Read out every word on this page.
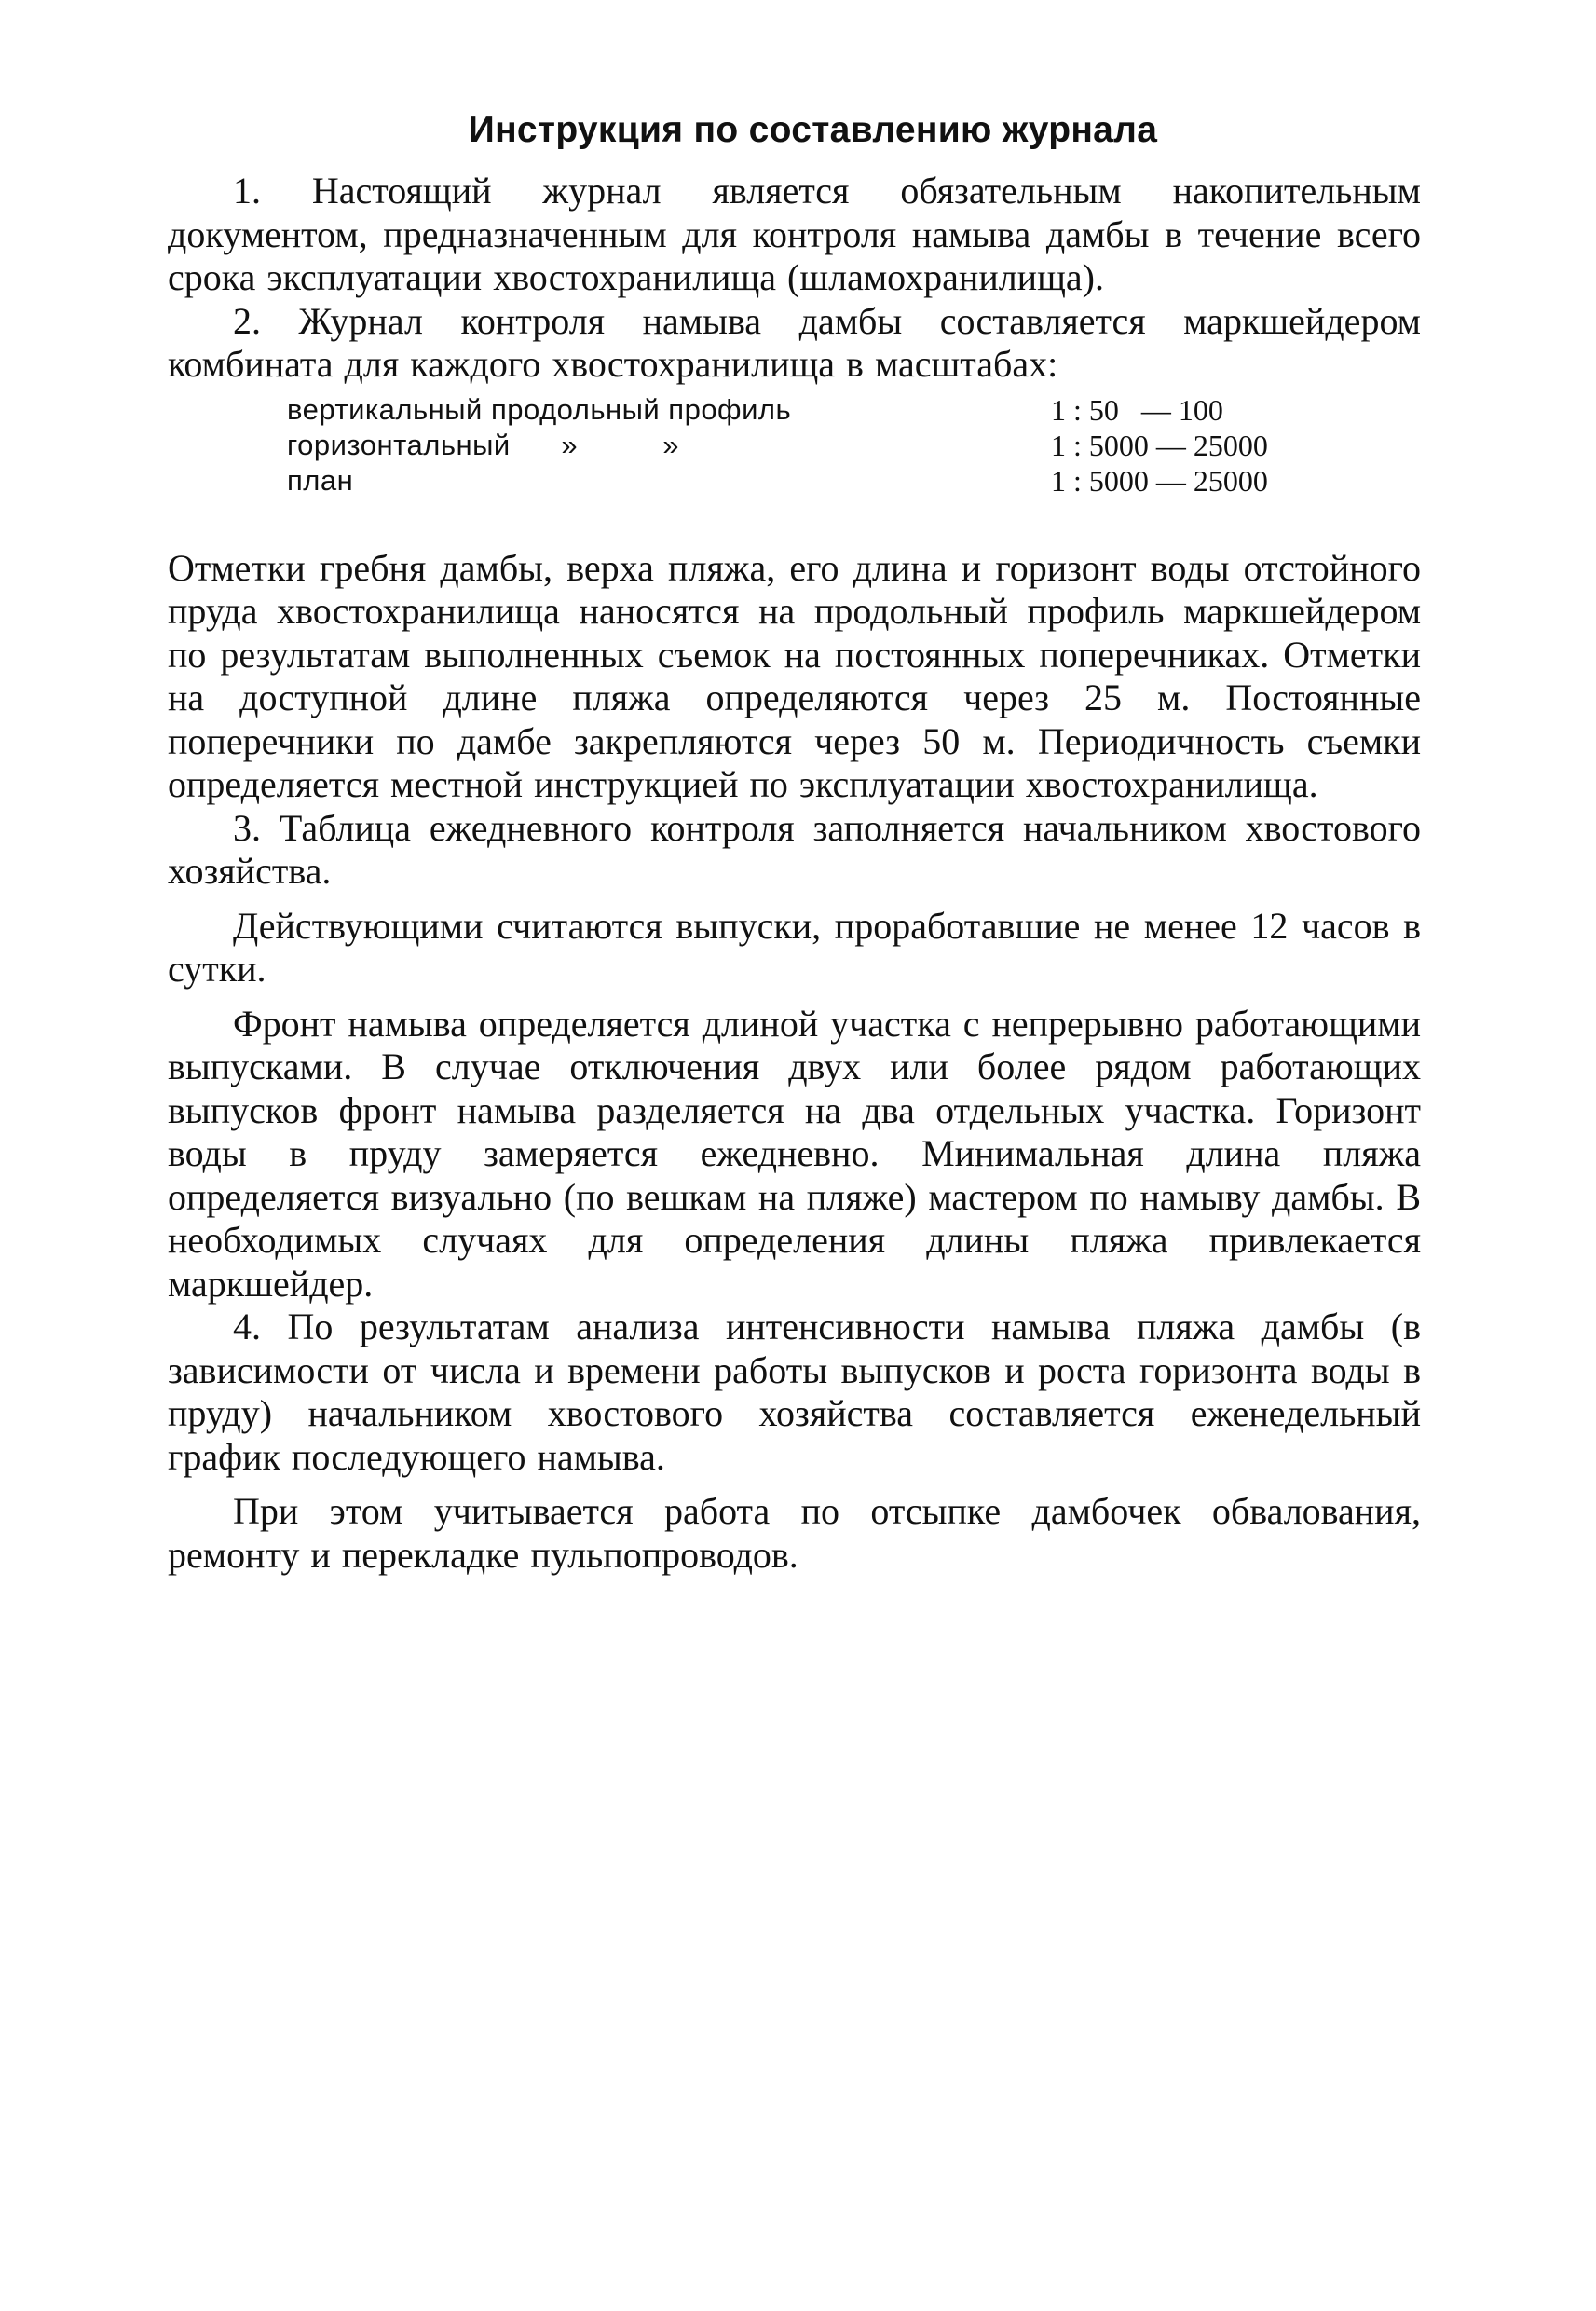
Инструкция по составлению журнала

1. Настоящий журнал является обязательным накопительным документом, предназначенным для контроля намыва дамбы в течение всего срока эксплуатации хвостохранилища (шламохранилища).

2. Журнал контроля намыва дамбы составляется маркшейдером комбината для каждого хвостохранилища в масштабах:

вертикальный продольный профиль	1 : 50   — 100
горизонтальный      »          »	1 : 5000 — 25000
план	1 : 5000 — 25000

Отметки гребня дамбы, верха пляжа, его длина и горизонт воды отстойного пруда хвостохранилища наносятся на продольный профиль маркшейдером по результатам выполненных съемок на постоянных поперечниках. Отметки на доступной длине пляжа определяются через 25 м. Постоянные поперечники по дамбе закрепляются через 50 м. Периодичность съемки определяется местной инструкцией по эксплуатации хвостохранилища.

3. Таблица ежедневного контроля заполняется начальником хвостового хозяйства.

Действующими считаются выпуски, проработавшие не менее 12 часов в сутки.

Фронт намыва определяется длиной участка с непрерывно работающими выпусками. В случае отключения двух или более рядом работающих выпусков фронт намыва разделяется на два отдельных участка. Горизонт воды в пруду замеряется ежедневно. Минимальная длина пляжа определяется визуально (по вешкам на пляже) мастером по намыву дамбы. В необходимых случаях для определения длины пляжа привлекается маркшейдер.

4. По результатам анализа интенсивности намыва пляжа дамбы (в зависимости от числа и времени работы выпусков и роста горизонта воды в пруду) начальником хвостового хозяйства составляется еженедельный график последующего намыва.

При этом учитывается работа по отсыпке дамбочек обвалования, ремонту и перекладке пульпопроводов.
